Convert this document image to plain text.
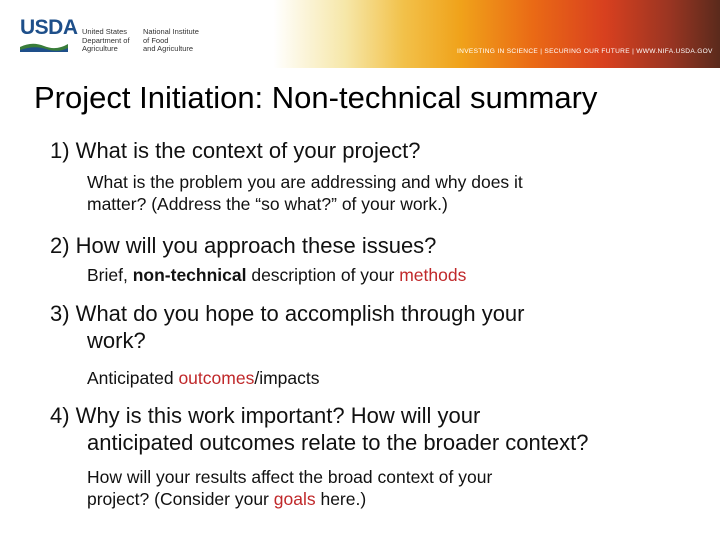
USDA United States
Department of
Agriculture
National Institute
of Food
and Agriculture	INVESTING IN SCIENCE | SECURING OUR FUTURE | WWW.NIFA.USDA.GOV
Project Initiation: Non-technical summary

1) What is the context of your project?

What is the problem you are addressing and why does it
matter? (Address the “so what?” of your work.)

2) How will you approach these issues?

Brief, non-technical description of your methods

3) What do you hope to accomplish through your
work?

Anticipated outcomes/impacts

4) Why is this work important? How will your
anticipated outcomes relate to the broader context?

How will your results affect the broad context of your
project? (Consider your goals here.)
